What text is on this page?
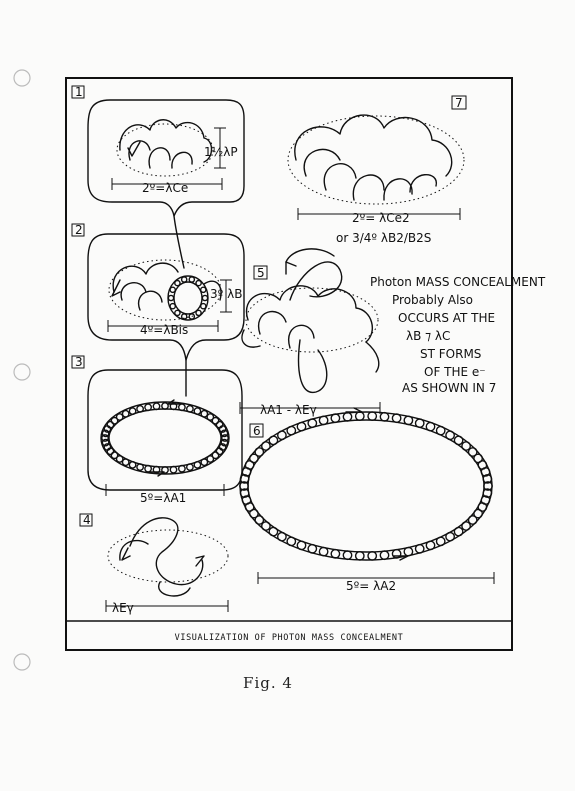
1
1½λP
2º=λCe
2
3º λB
4º=λBis
3
5º=λA1
4
λEγ
7
2º= λCe2
or 3/4º λB2/B2S
5
λA1 - λEγ
Photon MASS CONCEALMENT
Probably Also
OCCURS AT THE
λB ⁊ λC
ST FORMS
OF THE e⁻
AS SHOWN IN 7
6
5º= λA2
VISUALIZATION OF PHOTON MASS CONCEALMENT
Fig. 4
